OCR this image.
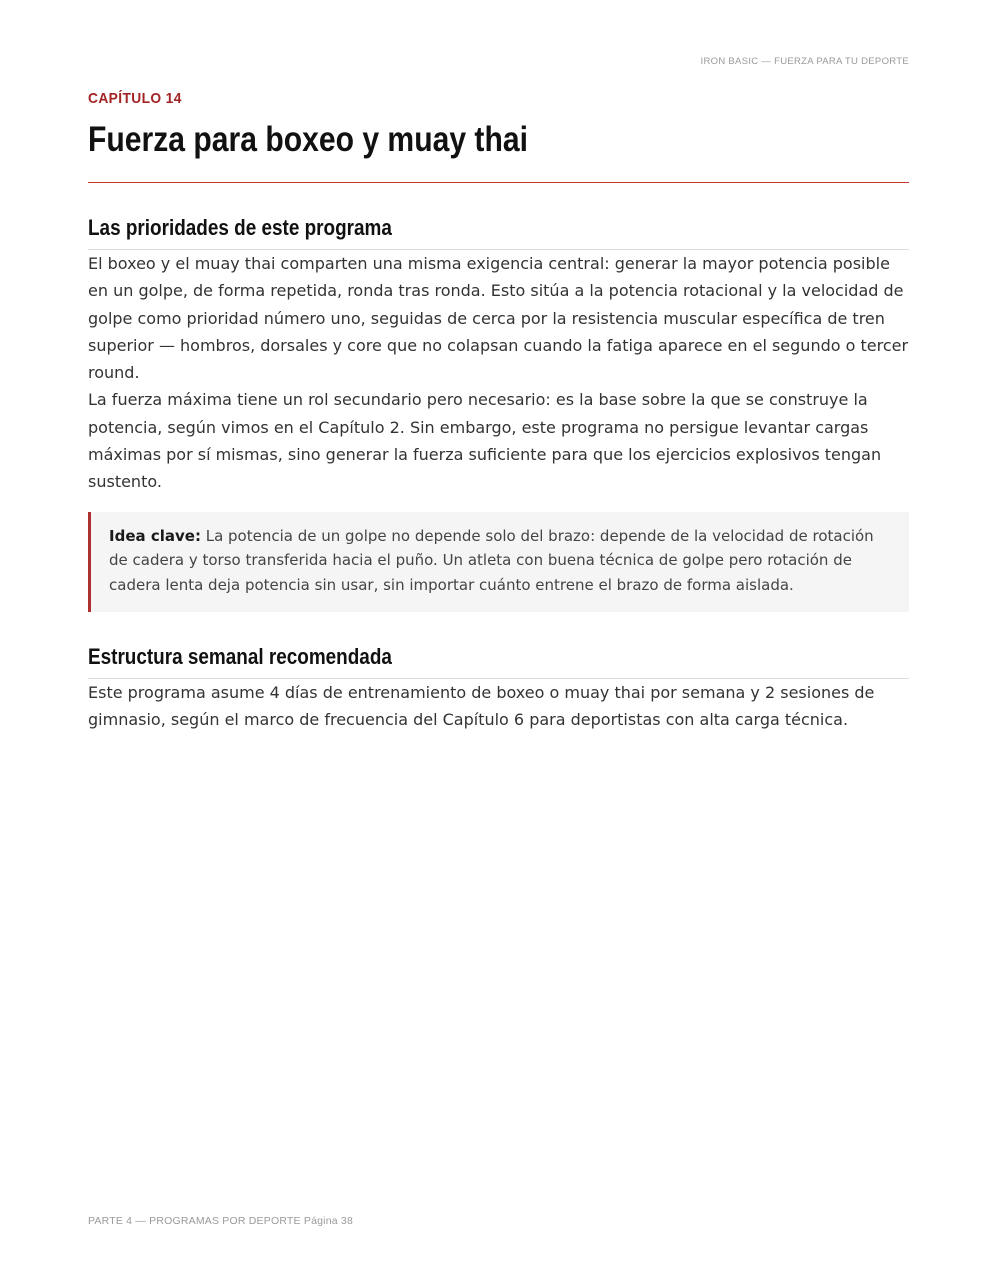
IRON BASIC — FUERZA PARA TU DEPORTE
CAPÍTULO 14
Fuerza para boxeo y muay thai
Las prioridades de este programa

El boxeo y el muay thai comparten una misma exigencia central: generar la mayor potencia posible en un golpe, de forma repetida, ronda tras ronda. Esto sitúa a la potencia rotacional y la velocidad de golpe como prioridad número uno, seguidas de cerca por la resistencia muscular específica de tren superior — hombros, dorsales y core que no colapsan cuando la fatiga aparece en el segundo o tercer round.

La fuerza máxima tiene un rol secundario pero necesario: es la base sobre la que se construye la potencia, según vimos en el Capítulo 2. Sin embargo, este programa no persigue levantar cargas máximas por sí mismas, sino generar la fuerza suficiente para que los ejercicios explosivos tengan sustento.

Idea clave: La potencia de un golpe no depende solo del brazo: depende de la velocidad de rotación de cadera y torso transferida hacia el puño. Un atleta con buena técnica de golpe pero rotación de cadera lenta deja potencia sin usar, sin importar cuánto entrene el brazo de forma aislada.

Estructura semanal recomendada

Este programa asume 4 días de entrenamiento de boxeo o muay thai por semana y 2 sesiones de gimnasio, según el marco de frecuencia del Capítulo 6 para deportistas con alta carga técnica.

PARTE 4 — PROGRAMAS POR DEPORTE Página 38
